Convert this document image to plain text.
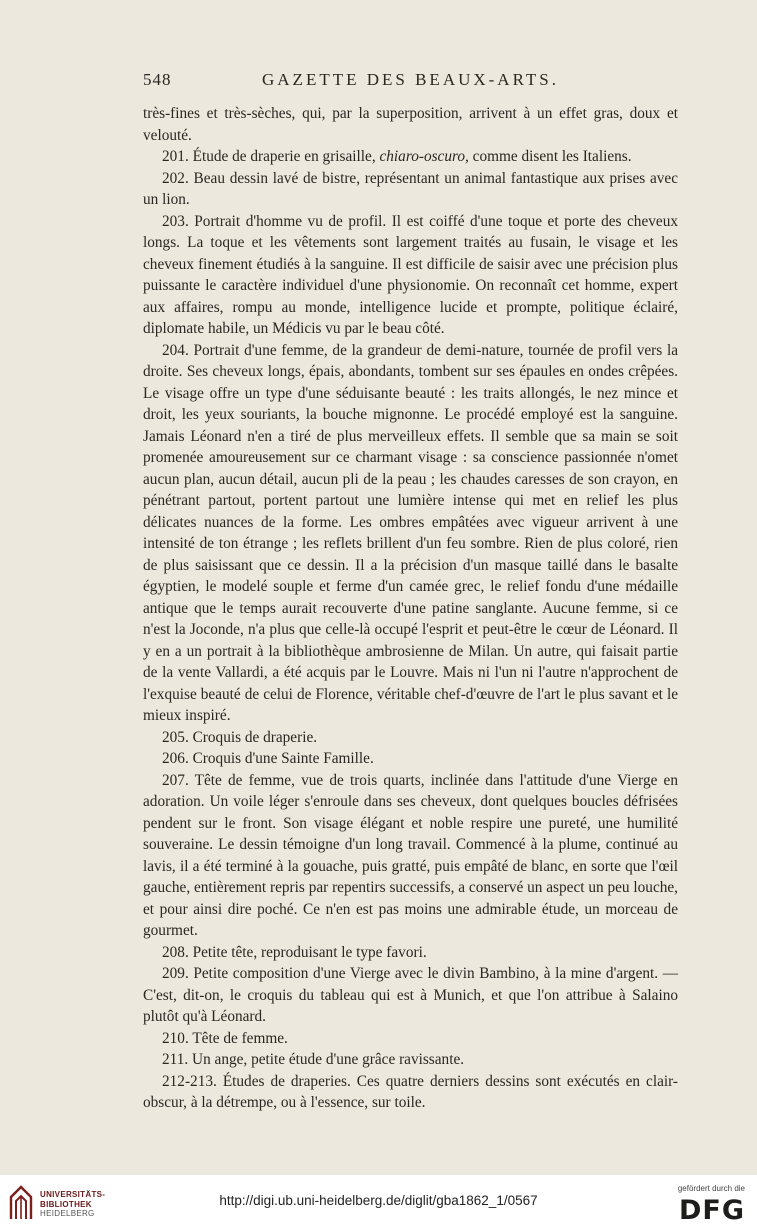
548	GAZETTE DES BEAUX-ARTS.

très-fines et très-sèches, qui, par la superposition, arrivent à un effet gras, doux et velouté.

201. Étude de draperie en grisaille, chiaro-oscuro, comme disent les Italiens.

202. Beau dessin lavé de bistre, représentant un animal fantastique aux prises avec un lion.

203. Portrait d'homme vu de profil. Il est coiffé d'une toque et porte des cheveux longs. La toque et les vêtements sont largement traités au fusain, le visage et les cheveux finement étudiés à la sanguine. Il est difficile de saisir avec une précision plus puissante le caractère individuel d'une physionomie. On reconnaît cet homme, expert aux affaires, rompu au monde, intelligence lucide et prompte, politique éclairé, diplomate habile, un Médicis vu par le beau côté.

204. Portrait d'une femme, de la grandeur de demi-nature, tournée de profil vers la droite. Ses cheveux longs, épais, abondants, tombent sur ses épaules en ondes crêpées. Le visage offre un type d'une séduisante beauté : les traits allongés, le nez mince et droit, les yeux souriants, la bouche mignonne. Le procédé employé est la sanguine. Jamais Léonard n'en a tiré de plus merveilleux effets. Il semble que sa main se soit promenée amoureusement sur ce charmant visage : sa conscience passionnée n'omet aucun plan, aucun détail, aucun pli de la peau ; les chaudes caresses de son crayon, en pénétrant partout, portent partout une lumière intense qui met en relief les plus délicates nuances de la forme. Les ombres empâtées avec vigueur arrivent à une intensité de ton étrange ; les reflets brillent d'un feu sombre. Rien de plus coloré, rien de plus saisissant que ce dessin. Il a la précision d'un masque taillé dans le basalte égyptien, le modelé souple et ferme d'un camée grec, le relief fondu d'une médaille antique que le temps aurait recouverte d'une patine sanglante. Aucune femme, si ce n'est la Joconde, n'a plus que celle-là occupé l'esprit et peut-être le cœur de Léonard. Il y en a un portrait à la bibliothèque ambrosienne de Milan. Un autre, qui faisait partie de la vente Vallardi, a été acquis par le Louvre. Mais ni l'un ni l'autre n'approchent de l'exquise beauté de celui de Florence, véritable chef-d'œuvre de l'art le plus savant et le mieux inspiré.

205. Croquis de draperie.

206. Croquis d'une Sainte Famille.

207. Tête de femme, vue de trois quarts, inclinée dans l'attitude d'une Vierge en adoration. Un voile léger s'enroule dans ses cheveux, dont quelques boucles défrisées pendent sur le front. Son visage élégant et noble respire une pureté, une humilité souveraine. Le dessin témoigne d'un long travail. Commencé à la plume, continué au lavis, il a été terminé à la gouache, puis gratté, puis empâté de blanc, en sorte que l'œil gauche, entièrement repris par repentirs successifs, a conservé un aspect un peu louche, et pour ainsi dire poché. Ce n'en est pas moins une admirable étude, un morceau de gourmet.

208. Petite tête, reproduisant le type favori.

209. Petite composition d'une Vierge avec le divin Bambino, à la mine d'argent. — C'est, dit-on, le croquis du tableau qui est à Munich, et que l'on attribue à Salaino plutôt qu'à Léonard.

210. Tête de femme.

211. Un ange, petite étude d'une grâce ravissante.

212-213. Études de draperies. Ces quatre derniers dessins sont exécutés en clair-obscur, à la détrempe, ou à l'essence, sur toile.

UNIVERSITÄTS-
BIBLIOTHEK
HEIDELBERG
http://digi.ub.uni-heidelberg.de/diglit/gba1862_1/0567
gefördert durch die
DFG
